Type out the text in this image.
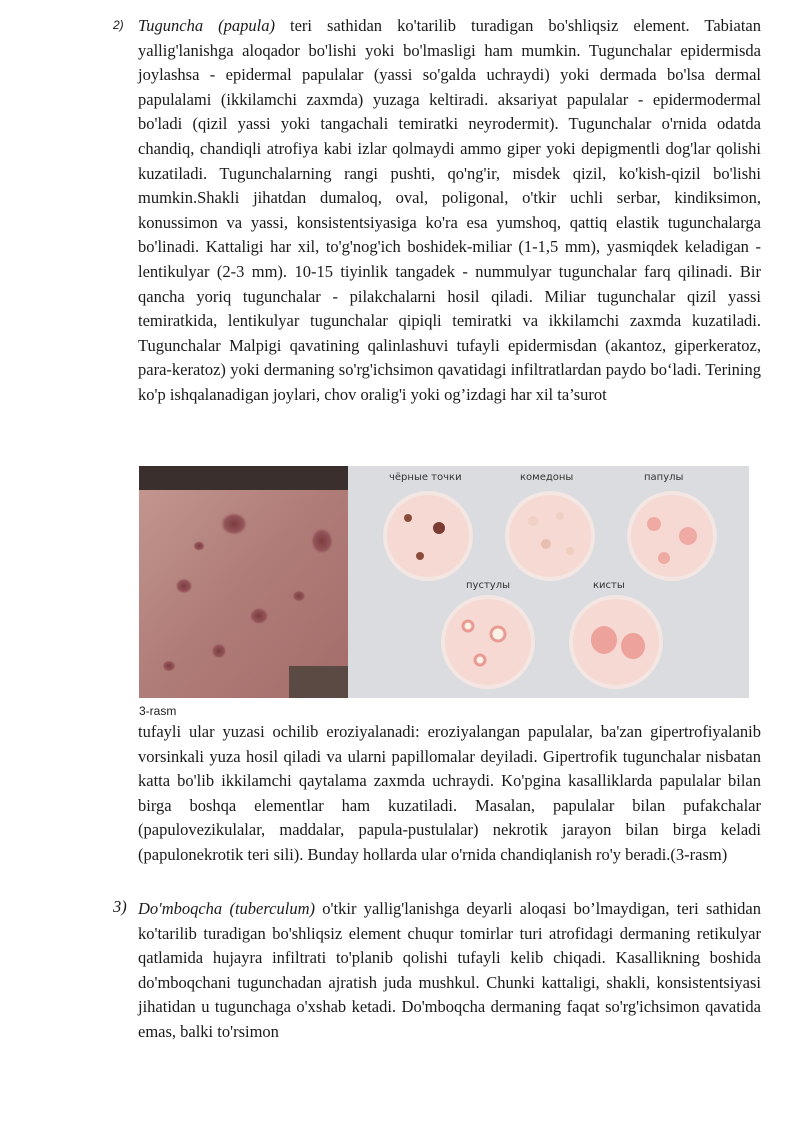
2) Tuguncha (papula) teri sathidan ko'tarilib turadigan bo'shliqsiz element. Tabiatan yallig'lanishga aloqador bo'lishi yoki bo'lmasligi ham mumkin. Tugunchalar epidermisda joylashsa - epidermal papulalar (yassi so'galda uchraydi) yoki dermada bo'lsa dermal papulalami (ikkilamchi zaxmda) yuzaga keltiradi. aksariyat papulalar - epidermodermal bo'ladi (qizil yassi yoki tangachali temiratki neyrodermit). Tugunchalar o'rnida odatda chandiq, chandiqli atrofiya kabi izlar qolmaydi ammo giper yoki depigmentli dog'lar qolishi kuzatiladi. Tugunchalarning rangi pushti, qo'ng'ir, misdek qizil, ko'kish-qizil bo'lishi mumkin.Shakli jihatdan dumaloq, oval, poligonal, o'tkir uchli serbar, kindiksimon, konussimon va yassi, konsistentsiyasiga ko'ra esa yumshoq, qattiq elastik tugunchalarga bo'linadi. Kattaligi har xil, to'g'nog'ich boshidek-miliar (1-1,5 mm), yasmiqdek keladigan -lentikulyar (2-3 mm). 10-15 tiyinlik tangadek - nummulyar tugunchalar farq qilinadi. Bir qancha yoriq tugunchalar - pilakchalarni hosil qiladi. Miliar tugunchalar qizil yassi temiratkida, lentikulyar tugunchalar qipiqli temiratki va ikkilamchi zaxmda kuzatiladi. Tugunchalar Malpigi qavatining qalinlashuvi tufayli epidermisdan (akantoz, giperkeratoz, para-keratoz) yoki dermaning so'rg'ichsimon qavatidagi infiltratlardan paydo bo‘ladi. Terining ko'p ishqalanadigan joylari, chov oralig'i yoki og’izdagi har xil ta’surot

чёрные точки	комедоны	папулы
пустулы	кисты
3-rasm

tufayli ular yuzasi ochilib eroziyalanadi: eroziyalangan papulalar, ba'zan gipertrofiyalanib vorsinkali yuza hosil qiladi va ularni papillomalar deyiladi. Gipertrofik tugunchalar nisbatan katta bo'lib ikkilamchi qaytalama zaxmda uchraydi. Ko'pgina kasalliklarda papulalar bilan birga boshqa elementlar ham kuzatiladi. Masalan, papulalar bilan pufakchalar (papulovezikulalar, maddalar, papula-pustulalar) nekrotik jarayon bilan birga keladi (papulonekrotik teri sili). Bunday hollarda ular o'rnida chandiqlanish ro'y beradi.(3-rasm)

3) Do'mboqcha (tuberculum) o'tkir yallig'lanishga deyarli aloqasi bo’lmaydigan, teri sathidan ko'tarilib turadigan bo'shliqsiz element chuqur tomirlar turi atrofidagi dermaning retikulyar qatlamida hujayra infiltrati to'planib qolishi tufayli kelib chiqadi. Kasallikning boshida do'mboqchani tugunchadan ajratish juda mushkul. Chunki kattaligi, shakli, konsistentsiyasi jihatidan u tugunchaga o'xshab ketadi. Do'mboqcha dermaning faqat so'rg'ichsimon qavatida emas, balki to'rsimon
